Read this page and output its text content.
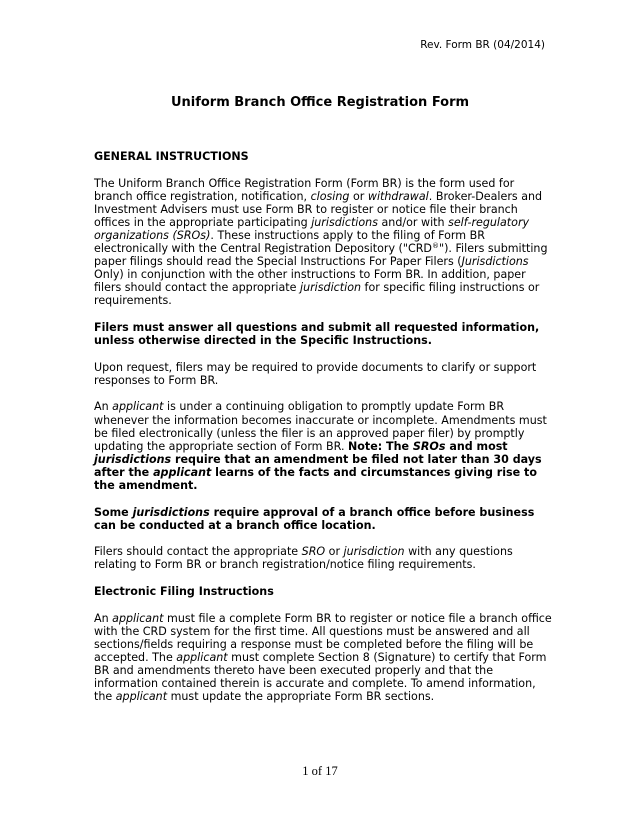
Rev. Form BR (04/2014)
Uniform Branch Office Registration Form

GENERAL INSTRUCTIONS

The Uniform Branch Office Registration Form (Form BR) is the form used for branch office registration, notification, closing or withdrawal. Broker-Dealers and Investment Advisers must use Form BR to register or notice file their branch offices in the appropriate participating jurisdictions and/or with self-regulatory organizations (SROs). These instructions apply to the filing of Form BR electronically with the Central Registration Depository ("CRD®"). Filers submitting paper filings should read the Special Instructions For Paper Filers (Jurisdictions Only) in conjunction with the other instructions to Form BR. In addition, paper filers should contact the appropriate jurisdiction for specific filing instructions or requirements.

Filers must answer all questions and submit all requested information, unless otherwise directed in the Specific Instructions.

Upon request, filers may be required to provide documents to clarify or support responses to Form BR.

An applicant is under a continuing obligation to promptly update Form BR whenever the information becomes inaccurate or incomplete. Amendments must be filed electronically (unless the filer is an approved paper filer) by promptly updating the appropriate section of Form BR. Note: The SROs and most jurisdictions require that an amendment be filed not later than 30 days after the applicant learns of the facts and circumstances giving rise to the amendment.

Some jurisdictions require approval of a branch office before business can be conducted at a branch office location.

Filers should contact the appropriate SRO or jurisdiction with any questions relating to Form BR or branch registration/notice filing requirements.

Electronic Filing Instructions

An applicant must file a complete Form BR to register or notice file a branch office with the CRD system for the first time. All questions must be answered and all sections/fields requiring a response must be completed before the filing will be accepted. The applicant must complete Section 8 (Signature) to certify that Form BR and amendments thereto have been executed properly and that the information contained therein is accurate and complete. To amend information, the applicant must update the appropriate Form BR sections.

1 of 17
